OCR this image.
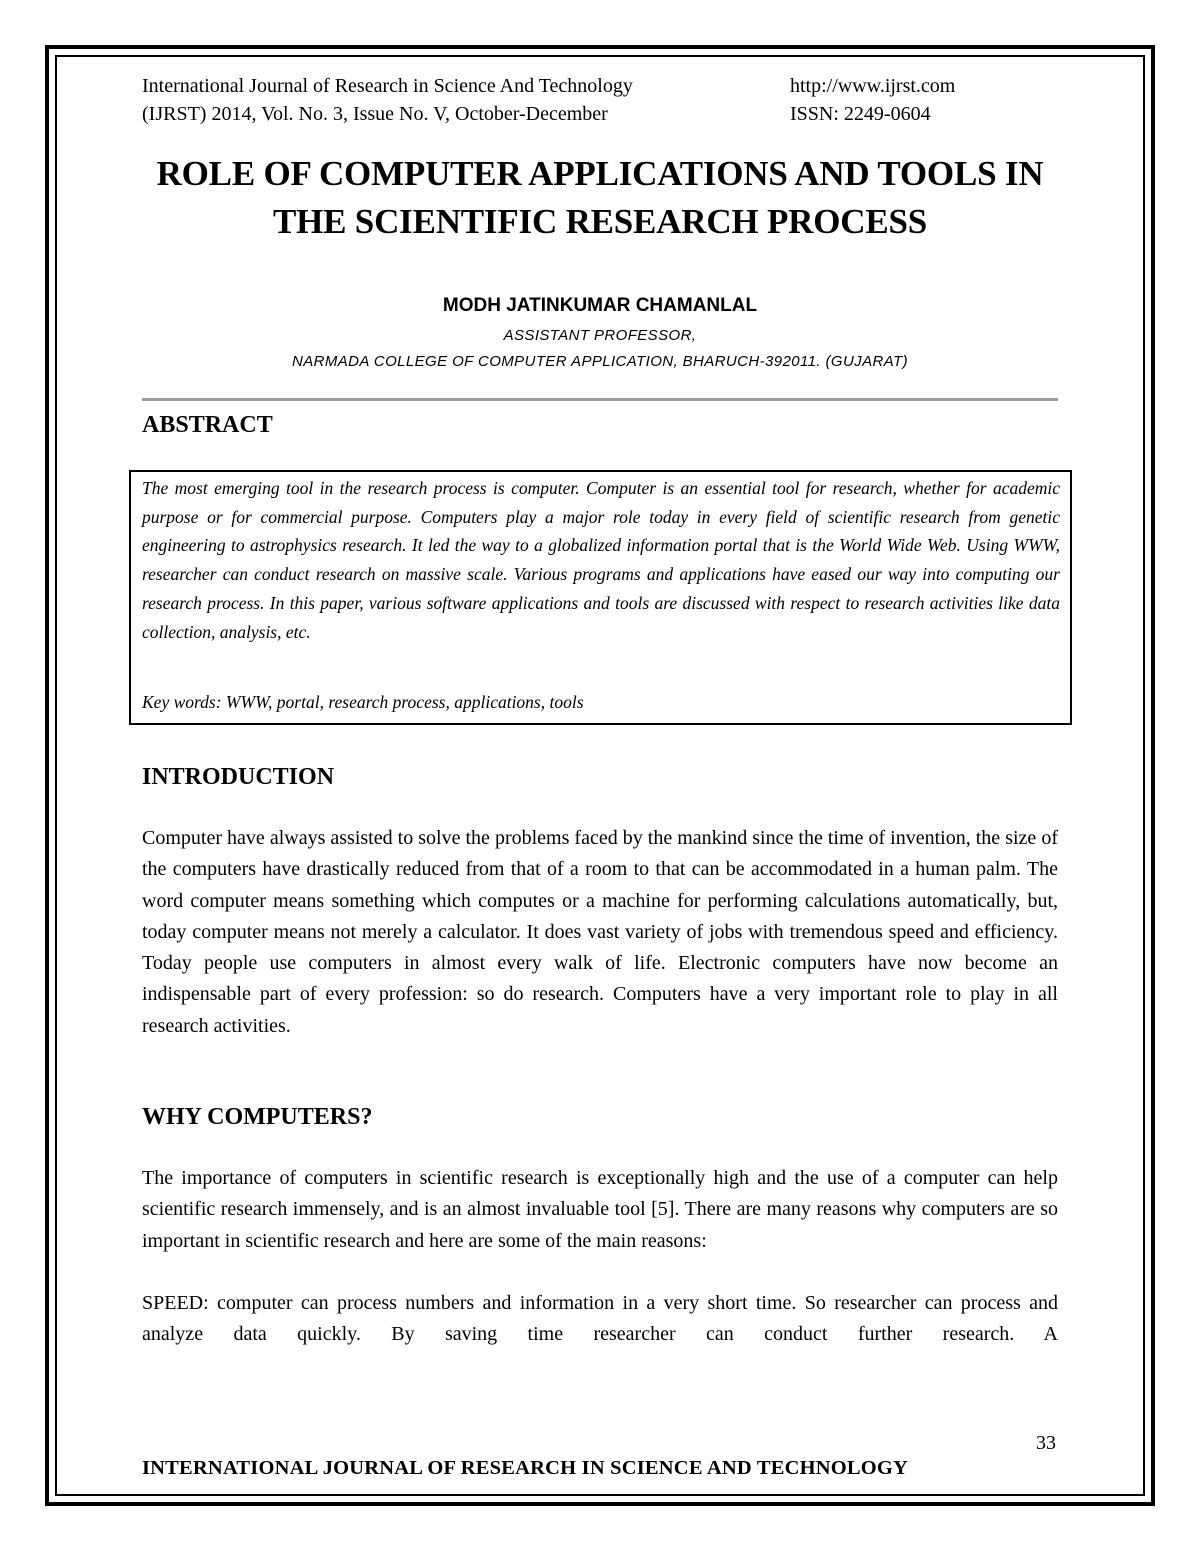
International Journal of Research in Science And Technology
(IJRST) 2014, Vol. No. 3, Issue No. V, October-December
http://www.ijrst.com
ISSN: 2249-0604
ROLE OF COMPUTER APPLICATIONS AND TOOLS IN
THE SCIENTIFIC RESEARCH PROCESS
MODH JATINKUMAR CHAMANLAL
ASSISTANT PROFESSOR,
NARMADA COLLEGE OF COMPUTER APPLICATION, BHARUCH-392011. (GUJARAT)
ABSTRACT
The most emerging tool in the research process is computer. Computer is an essential tool for research, whether for academic purpose or for commercial purpose. Computers play a major role today in every field of scientific research from genetic engineering to astrophysics research. It led the way to a globalized information portal that is the World Wide Web. Using WWW, researcher can conduct research on massive scale. Various programs and applications have eased our way into computing our research process. In this paper, various software applications and tools are discussed with respect to research activities like data collection, analysis, etc.
Key words: WWW, portal, research process, applications, tools
INTRODUCTION
Computer have always assisted to solve the problems faced by the mankind since the time of invention, the size of the computers have drastically reduced from that of a room to that can be accommodated in a human palm. The word computer means something which computes or a machine for performing calculations automatically, but, today computer means not merely a calculator. It does vast variety of jobs with tremendous speed and efficiency. Today people use computers in almost every walk of life. Electronic computers have now become an indispensable part of every profession: so do research. Computers have a very important role to play in all research activities.
WHY COMPUTERS?
The importance of computers in scientific research is exceptionally high and the use of a computer can help scientific research immensely, and is an almost invaluable tool [5]. There are many reasons why computers are so important in scientific research and here are some of the main reasons:
SPEED: computer can process numbers and information in a very short time. So researcher can process and analyze data quickly. By saving time researcher can conduct further research. A
33
INTERNATIONAL JOURNAL OF RESEARCH IN SCIENCE AND TECHNOLOGY
